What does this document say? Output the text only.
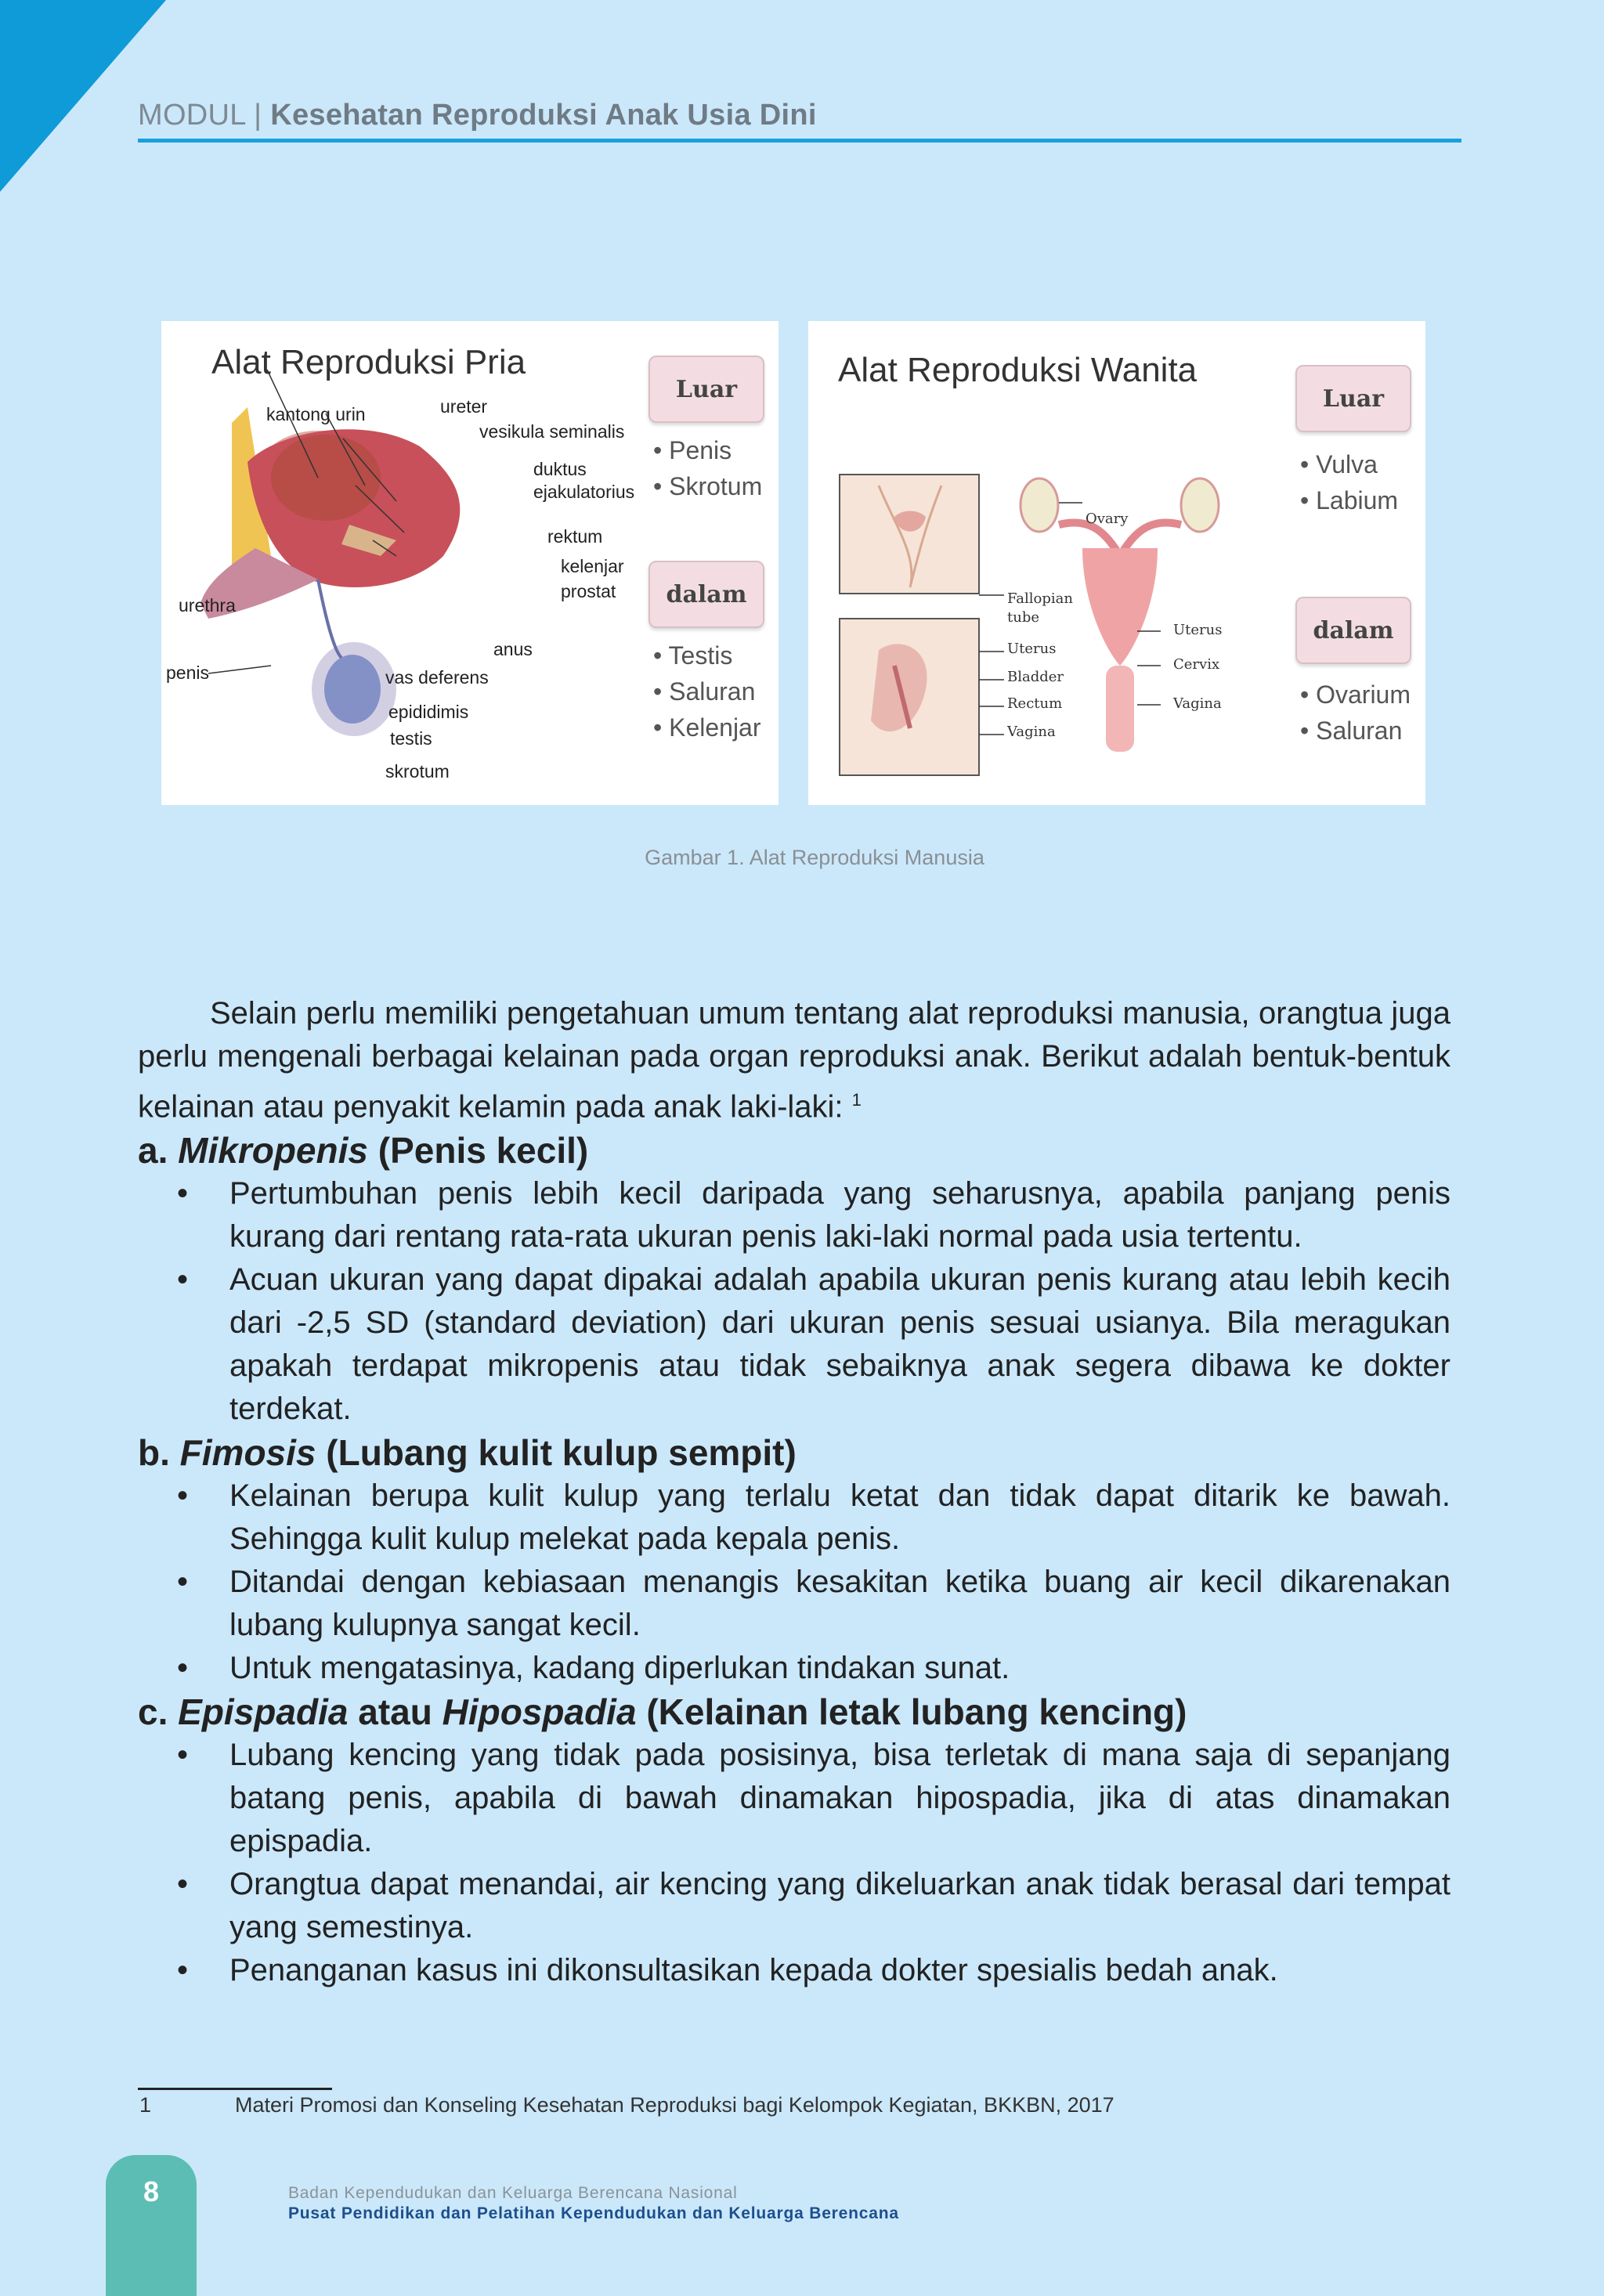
MODUL | Kesehatan Reproduksi Anak Usia Dini
Alat Reproduksi Pria
kantong urin	ureter
vesikula seminalis
duktus
ejakulatorius
rektum
kelenjar
prostat
urethra
anus
penis	vas deferens
epididimis
testis
skrotum
Luar
• Penis
• Skrotum
dalam
• Testis
• Saluran
• Kelenjar
Alat Reproduksi Wanita
Ovary
Fallopian
tube
Uterus
Bladder
Rectum
Vagina
Uterus
Cervix
Vagina
Luar
• Vulva
• Labium
dalam
• Ovarium
• Saluran
Gambar 1. Alat Reproduksi Manusia

Selain perlu memiliki pengetahuan umum tentang alat reproduksi manusia, orangtua juga perlu mengenali berbagai kelainan pada organ reproduksi anak. Berikut adalah bentuk-bentuk kelainan atau penyakit kelamin pada anak laki-laki: $^1$

a. Mikropenis (Penis kecil)
• Pertumbuhan penis lebih kecil daripada yang seharusnya, apabila panjang penis kurang dari rentang rata-rata ukuran penis laki-laki normal pada usia tertentu.
• Acuan ukuran yang dapat dipakai adalah apabila ukuran penis kurang atau lebih kecih dari -2,5 SD (standard deviation) dari ukuran penis sesuai usianya. Bila meragukan apakah terdapat mikropenis atau tidak sebaiknya anak segera dibawa ke dokter terdekat.
b. Fimosis (Lubang kulit kulup sempit)
• Kelainan berupa kulit kulup yang terlalu ketat dan tidak dapat ditarik ke bawah. Sehingga kulit kulup melekat pada kepala penis.
• Ditandai dengan kebiasaan menangis kesakitan ketika buang air kecil dikarenakan lubang kulupnya sangat kecil.
• Untuk mengatasinya, kadang diperlukan tindakan sunat.
c. Epispadia atau Hipospadia (Kelainan letak lubang kencing)
• Lubang kencing yang tidak pada posisinya, bisa terletak di mana saja di sepanjang batang penis, apabila di bawah dinamakan hipospadia, jika di atas dinamakan epispadia.
• Orangtua dapat menandai, air kencing yang dikeluarkan anak tidak berasal dari tempat yang semestinya.
• Penanganan kasus ini dikonsultasikan kepada dokter spesialis bedah anak.
1	Materi Promosi dan Konseling Kesehatan Reproduksi bagi Kelompok Kegiatan, BKKBN, 2017
8	Badan Kependudukan dan Keluarga Berencana Nasional
Pusat Pendidikan dan Pelatihan Kependudukan dan Keluarga Berencana
